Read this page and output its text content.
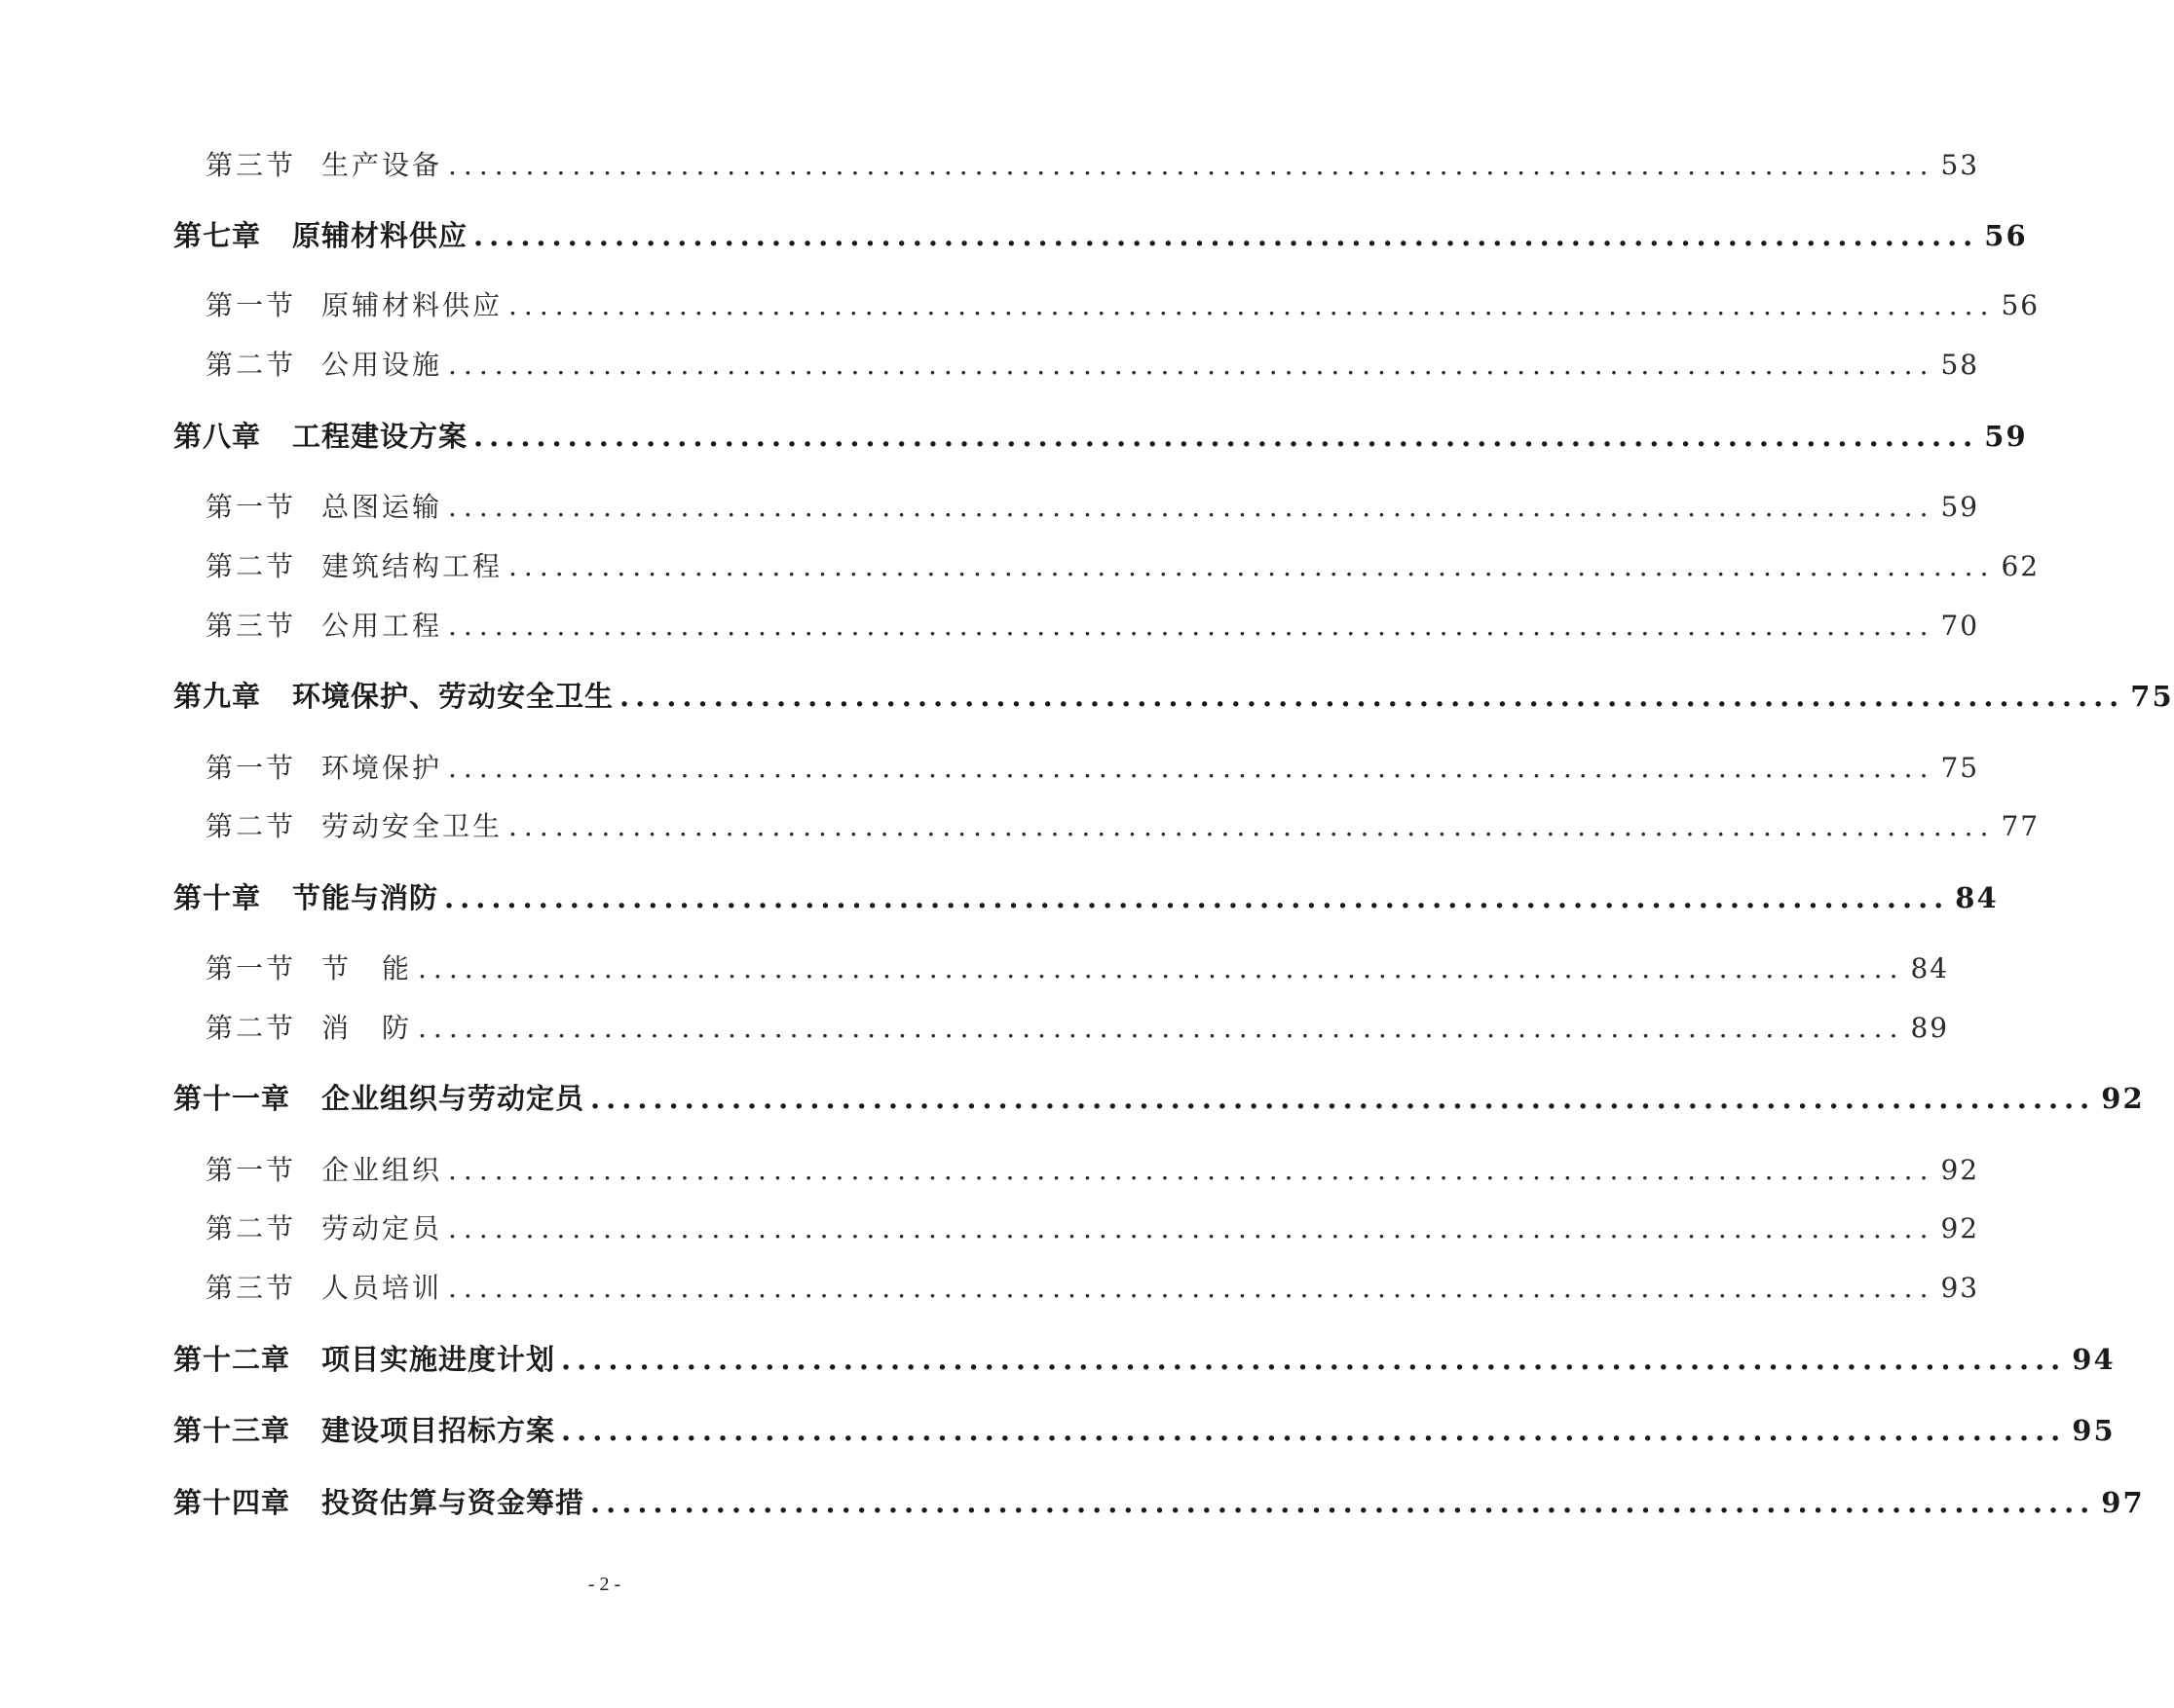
第三节 生产设备 ................................................................................................ 53
第七章 原辅材料供应 ................................................................................................ 56
第一节 原辅材料供应 ................................................................................................ 56
第二节 公用设施 ................................................................................................ 58
第八章 工程建设方案 ................................................................................................ 59
第一节 总图运输 ................................................................................................ 59
第二节 建筑结构工程 ................................................................................................ 62
第三节 公用工程 ................................................................................................ 70
第九章 环境保护、劳动安全卫生 ................................................................................................ 75
第一节 环境保护 ................................................................................................ 75
第二节 劳动安全卫生 ................................................................................................ 77
第十章 节能与消防 ................................................................................................ 84
第一节 节　能 ................................................................................................ 84
第二节 消　防 ................................................................................................ 89
第十一章 企业组织与劳动定员 ................................................................................................ 92
第一节 企业组织 ................................................................................................ 92
第二节 劳动定员 ................................................................................................ 92
第三节 人员培训 ................................................................................................ 93
第十二章 项目实施进度计划 ................................................................................................ 94
第十三章 建设项目招标方案 ................................................................................................ 95
第十四章 投资估算与资金筹措 ................................................................................................ 97
- 2 -
